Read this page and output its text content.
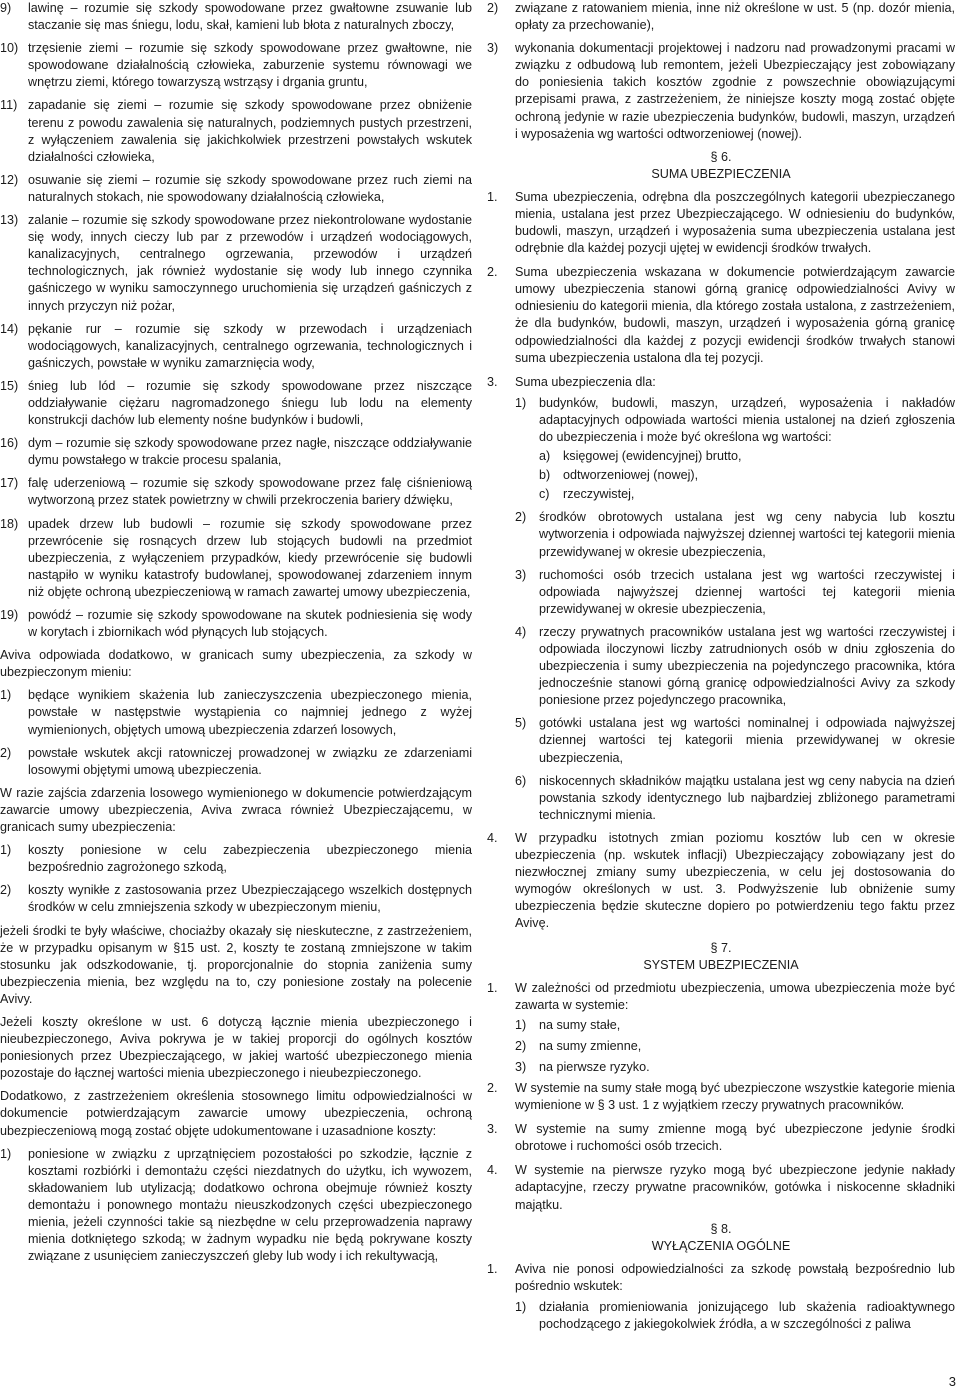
9) lawinę – rozumie się szkody spowodowane przez gwałtowne zsuwanie lub staczanie się mas śniegu, lodu, skał, kamieni lub błota z naturalnych zboczy,
10) trzęsienie ziemi – rozumie się szkody spowodowane przez gwałtowne, nie spowodowane działalnością człowieka, zaburzenie systemu równowagi we wnętrzu ziemi, którego towarzyszą wstrząsy i drgania gruntu,
11) zapadanie się ziemi – rozumie się szkody spowodowane przez obniżenie terenu z powodu zawalenia się naturalnych, podziemnych pustych przestrzeni, z wyłączeniem zawalenia się jakichkolwiek przestrzeni powstałych wskutek działalności człowieka,
12) osuwanie się ziemi – rozumie się szkody spowodowane przez ruch ziemi na naturalnych stokach, nie spowodowany działalnością człowieka,
13) zalanie – rozumie się szkody spowodowane przez niekontrolowane wydostanie się wody, innych cieczy lub par z przewodów i urządzeń wodociągowych, kanalizacyjnych, centralnego ogrzewania, przewodów i urządzeń technologicznych, jak również wydostanie się wody lub innego czynnika gaśniczego w wyniku samoczynnego uruchomienia się urządzeń gaśniczych z innych przyczyn niż pożar,
14) pękanie rur – rozumie się szkody w przewodach i urządzeniach wodociągowych, kanalizacyjnych, centralnego ogrzewania, technologicznych i gaśniczych, powstałe w wyniku zamarznięcia wody,
15) śnieg lub lód – rozumie się szkody spowodowane przez niszczące oddziaływanie ciężaru nagromadzonego śniegu lub lodu na elementy konstrukcji dachów lub elementy nośne budynków i budowli,
16) dym – rozumie się szkody spowodowane przez nagłe, niszczące oddziaływanie dymu powstałego w trakcie procesu spalania,
17) falę uderzeniową – rozumie się szkody spowodowane przez falę ciśnieniową wytworzoną przez statek powietrzny w chwili przekroczenia bariery dźwięku,
18) upadek drzew lub budowli – rozumie się szkody spowodowane przez przewrócenie się rosnących drzew lub stojących budowli na przedmiot ubezpieczenia, z wyłączeniem przypadków, kiedy przewrócenie się budowli nastąpiło w wyniku katastrofy budowlanej, spowodowanej zdarzeniem innym niż objęte ochroną ubezpieczeniową w ramach zawartej umowy ubezpieczenia,
19) powódź – rozumie się szkody spowodowane na skutek podniesienia się wody w korytach i zbiornikach wód płynących lub stojących.
Aviva odpowiada dodatkowo, w granicach sumy ubezpieczenia, za szkody w ubezpieczonym mieniu:
1) będące wynikiem skażenia lub zanieczyszczenia ubezpieczonego mienia, powstałe w następstwie wystąpienia co najmniej jednego z wyżej wymienionych, objętych umową ubezpieczenia zdarzeń losowych,
2) powstałe wskutek akcji ratowniczej prowadzonej w związku ze zdarzeniami losowymi objętymi umową ubezpieczenia.
W razie zajścia zdarzenia losowego wymienionego w dokumencie potwierdzającym zawarcie umowy ubezpieczenia, Aviva zwraca również Ubezpieczającemu, w granicach sumy ubezpieczenia:
1) koszty poniesione w celu zabezpieczenia ubezpieczonego mienia bezpośrednio zagrożonego szkodą,
2) koszty wynikłe z zastosowania przez Ubezpieczającego wszelkich dostępnych środków w celu zmniejszenia szkody w ubezpieczonym mieniu,
jeżeli środki te były właściwe, chociażby okazały się nieskuteczne, z zastrzeżeniem, że w przypadku opisanym w §15 ust. 2, koszty te zostaną zmniejszone w takim stosunku jak odszkodowanie, tj. proporcjonalnie do stopnia zaniżenia sumy ubezpieczenia mienia, bez względu na to, czy poniesione zostały na polecenie Avivy.
Jeżeli koszty określone w ust. 6 dotyczą łącznie mienia ubezpieczonego i nieubezpieczonego, Aviva pokrywa je w takiej proporcji do ogólnych kosztów poniesionych przez Ubezpieczającego, w jakiej wartość ubezpieczonego mienia pozostaje do łącznej wartości mienia ubezpieczonego i nieubezpieczonego.
Dodatkowo, z zastrzeżeniem określenia stosownego limitu odpowiedzialności w dokumencie potwierdzającym zawarcie umowy ubezpieczenia, ochroną ubezpieczeniową mogą zostać objęte udokumentowane i uzasadnione koszty:
1) poniesione w związku z uprzątnięciem pozostałości po szkodzie, łącznie z kosztami rozbiórki i demontażu części niezdatnych do użytku, ich wywozem, składowaniem lub utylizacją; dodatkowo ochrona obejmuje również koszty demontażu i ponownego montażu nieuszkodzonych części ubezpieczonego mienia, jeżeli czynności takie są niezbędne w celu przeprowadzenia naprawy mienia dotkniętego szkodą; w żadnym wypadku nie będą pokrywane koszty związane z usunięciem zanieczyszczeń gleby lub wody i ich rekultywacją,
2) związane z ratowaniem mienia, inne niż określone w ust. 5 (np. dozór mienia, opłaty za przechowanie),
3) wykonania dokumentacji projektowej i nadzoru nad prowadzonymi pracami w związku z odbudową lub remontem, jeżeli Ubezpieczający jest zobowiązany do poniesienia takich kosztów zgodnie z powszechnie obowiązującymi przepisami prawa, z zastrzeżeniem, że niniejsze koszty mogą zostać objęte ochroną jedynie w razie ubezpieczenia budynków, budowli, maszyn, urządzeń i wyposażenia wg wartości odtworzeniowej (nowej).
§ 6.
SUMA UBEZPIECZENIA
1. Suma ubezpieczenia, odrębna dla poszczególnych kategorii ubezpieczanego mienia, ustalana jest przez Ubezpieczającego. W odniesieniu do budynków, budowli, maszyn, urządzeń i wyposażenia suma ubezpieczenia ustalana jest odrębnie dla każdej pozycji ujętej w ewidencji środków trwałych.
2. Suma ubezpieczenia wskazana w dokumencie potwierdzającym zawarcie umowy ubezpieczenia stanowi górną granicę odpowiedzialności Avivy w odniesieniu do kategorii mienia, dla którego została ustalona, z zastrzeżeniem, że dla budynków, budowli, maszyn, urządzeń i wyposażenia górną granicę odpowiedzialności dla każdej z pozycji ewidencji środków trwałych stanowi suma ubezpieczenia ustalona dla tej pozycji.
3. Suma ubezpieczenia dla:
1) budynków, budowli, maszyn, urządzeń, wyposażenia i nakładów adaptacyjnych odpowiada wartości mienia ustalonej na dzień zgłoszenia do ubezpieczenia i może być określona wg wartości:
a) księgowej (ewidencyjnej) brutto,
b) odtworzeniowej (nowej),
c) rzeczywistej,
2) środków obrotowych ustalana jest wg ceny nabycia lub kosztu wytworzenia i odpowiada najwyższej dziennej wartości tej kategorii mienia przewidywanej w okresie ubezpieczenia,
3) ruchomości osób trzecich ustalana jest wg wartości rzeczywistej i odpowiada najwyższej dziennej wartości tej kategorii mienia przewidywanej w okresie ubezpieczenia,
4) rzeczy prywatnych pracowników ustalana jest wg wartości rzeczywistej i odpowiada iloczynowi liczby zatrudnionych osób w dniu zgłoszenia do ubezpieczenia i sumy ubezpieczenia na pojedynczego pracownika, która jednocześnie stanowi górną granicę odpowiedzialności Avivy za szkody poniesione przez pojedynczego pracownika,
5) gotówki ustalana jest wg wartości nominalnej i odpowiada najwyższej dziennej wartości tej kategorii mienia przewidywanej w okresie ubezpieczenia,
6) niskocennych składników majątku ustalana jest wg ceny nabycia na dzień powstania szkody identycznego lub najbardziej zbliżonego parametrami technicznymi mienia.
4. W przypadku istotnych zmian poziomu kosztów lub cen w okresie ubezpieczenia (np. wskutek inflacji) Ubezpieczający zobowiązany jest do niezwłocznej zmiany sumy ubezpieczenia, w celu jej dostosowania do wymogów określonych w ust. 3. Podwyższenie lub obniżenie sumy ubezpieczenia będzie skuteczne dopiero po potwierdzeniu tego faktu przez Avivę.
§ 7.
SYSTEM UBEZPIECZENIA
1. W zależności od przedmiotu ubezpieczenia, umowa ubezpieczenia może być zawarta w systemie:
1) na sumy stałe,
2) na sumy zmienne,
3) na pierwsze ryzyko.
2. W systemie na sumy stałe mogą być ubezpieczone wszystkie kategorie mienia wymienione w § 3 ust. 1 z wyjątkiem rzeczy prywatnych pracowników.
3. W systemie na sumy zmienne mogą być ubezpieczone jedynie środki obrotowe i ruchomości osób trzecich.
4. W systemie na pierwsze ryzyko mogą być ubezpieczone jedynie nakłady adaptacyjne, rzeczy prywatne pracowników, gotówka i niskocenne składniki majątku.
§ 8.
WYŁĄCZENIA OGÓLNE
1. Aviva nie ponosi odpowiedzialności za szkodę powstałą bezpośrednio lub pośrednio wskutek:
1) działania promieniowania jonizującego lub skażenia radioaktywnego pochodzącego z jakiegokolwiek źródła, a w szczególności z paliwa
3
